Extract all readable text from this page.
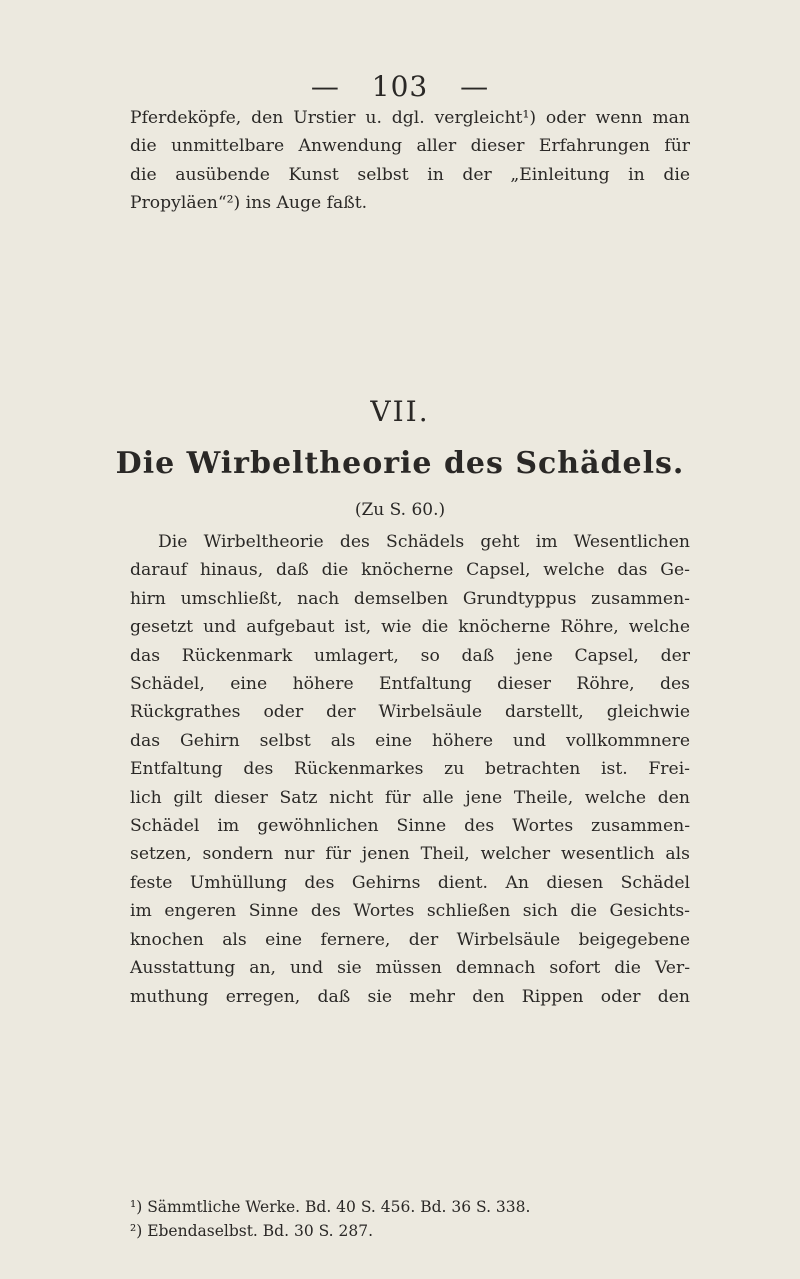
— 103 —
Pferdeköpfe, den Urstier u. dgl. vergleicht¹) oder wenn man
die unmittelbare Anwendung aller dieser Erfahrungen für
die ausübende Kunst selbst in der „Einleitung in die
Propyläen“²) ins Auge faßt.
VII.
Die Wirbeltheorie des Schädels.
(Zu S. 60.)
Die Wirbeltheorie des Schädels geht im Wesentlichen
darauf hinaus, daß die knöcherne Capsel, welche das Ge-
hirn umschließt, nach demselben Grundtyppus zusammen-
gesetzt und aufgebaut ist, wie die knöcherne Röhre, welche
das Rückenmark umlagert, so daß jene Capsel, der
Schädel, eine höhere Entfaltung dieser Röhre, des
Rückgrathes oder der Wirbelsäule darstellt, gleichwie
das Gehirn selbst als eine höhere und vollkommnere
Entfaltung des Rückenmarkes zu betrachten ist. Frei-
lich gilt dieser Satz nicht für alle jene Theile, welche den
Schädel im gewöhnlichen Sinne des Wortes zusammen-
setzen, sondern nur für jenen Theil, welcher wesentlich als
feste Umhüllung des Gehirns dient. An diesen Schädel
im engeren Sinne des Wortes schließen sich die Gesichts-
knochen als eine fernere, der Wirbelsäule beigegebene
Ausstattung an, und sie müssen demnach sofort die Ver-
muthung erregen, daß sie mehr den Rippen oder den
¹) Sämmtliche Werke. Bd. 40 S. 456. Bd. 36 S. 338.
²) Ebendaselbst. Bd. 30 S. 287.
